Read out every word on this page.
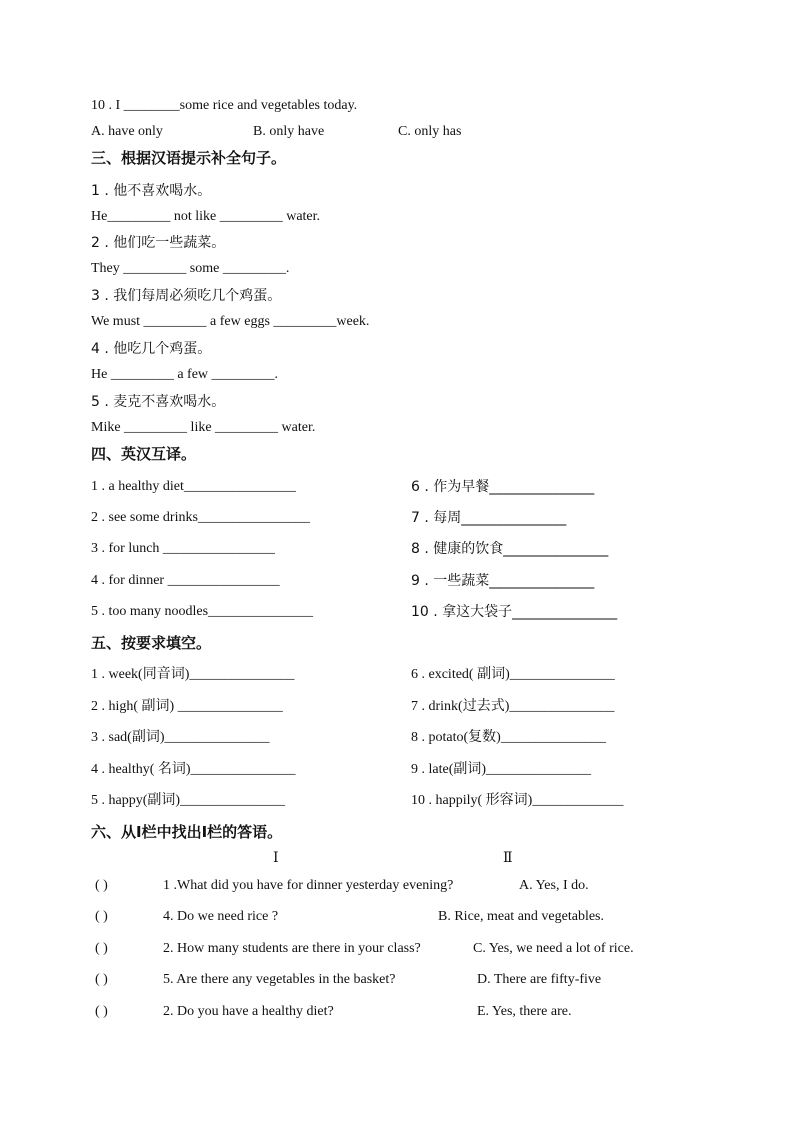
10 . I ________some rice and vegetables today.
A. have only	B. only have	C. only has
三、根据汉语提示补全句子。
1 . 他不喜欢喝水。
He_________ not like _________ water.
2 . 他们吃一些蔬菜。
They _________ some _________.
3 . 我们每周必须吃几个鸡蛋。
We must _________ a few eggs _________week.
4 . 他吃几个鸡蛋。
He _________ a few _________.
5 . 麦克不喜欢喝水。
Mike _________ like _________ water.
四、英汉互译。
1 . a healthy diet________________
2 . see some drinks________________
3 . for lunch ________________
4 . for dinner ________________
5 . too many noodles_______________
6 . 作为早餐_______________
7 . 每周_______________
8 . 健康的饮食_______________
9 . 一些蔬菜_______________
10 . 拿这大袋子_______________
五、按要求填空。
1 . week(同音词)_______________
2 . high( 副词) _______________
3 . sad(副词)_______________
4 . healthy( 名词)_______________
5 . happy(副词)_______________
6 . excited( 副词)_______________
7 . drink(过去式)_______________
8 . potato(复数)_______________
9 . late(副词)_______________
10 . happily( 形容词)_____________
六、从Ⅰ栏中找出Ⅰ栏的答语。
Ⅰ	Ⅱ
( )	1 .What did you have for dinner yesterday evening?	A. Yes, I do.
( )	4. Do we need rice ?	B. Rice, meat and vegetables.
( )	2. How many students are there in your class?	C. Yes, we need a lot of rice.
( )	5. Are there any vegetables in the basket?	D. There are fifty-five
( )	2. Do you have a healthy diet?	E. Yes, there are.
